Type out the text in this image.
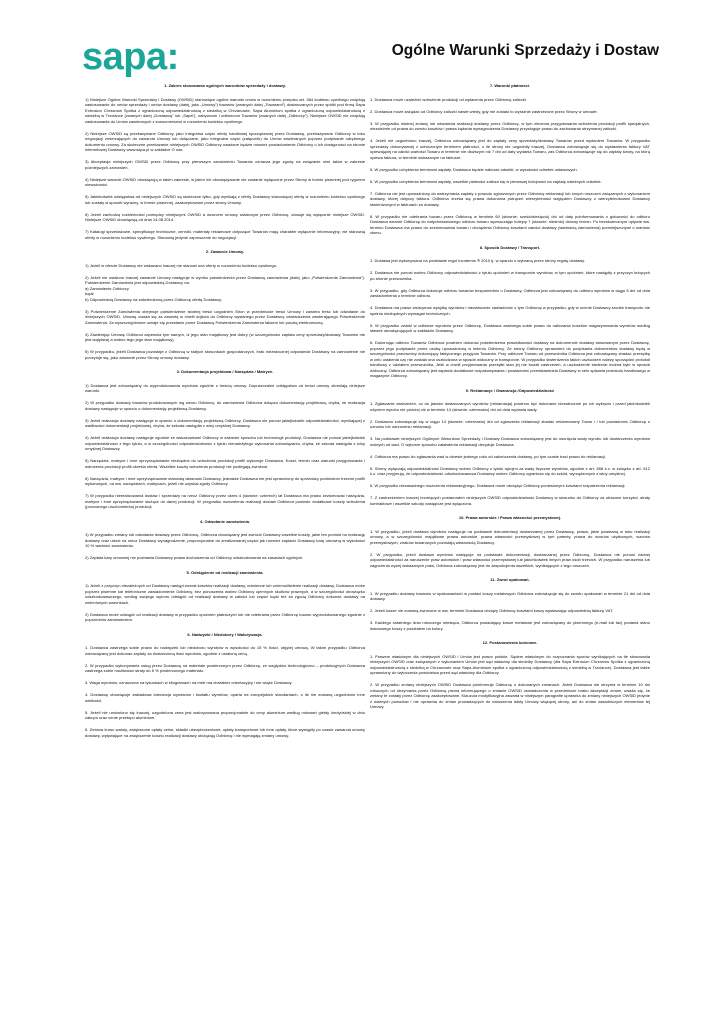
sapa:	Ogólne Warunki Sprzedaży i Dostaw
1. Zakres stosowania ogólnych warunków sprzedaży i dostawy.
1) Niniejsze Ogólne Warunki Sprzedaży i Dostawy (OWSiD) stanowiące ogólne warunki umów w rozumieniu przepisu art. 384 kodeksu cywilnego znajdują zastosowanie do umów sprzedaży i umów dostawy (dalej, jako „Umowy”) towarów (zwanych dalej „Towarami”) dostarczanych przez spółki pod firmą Sapa Extrusion Chrzanów Spółka z ograniczoną odpowiedzialnością z siedzibą w Chrzanowie, Sapa Aluminium spółka z ograniczoną odpowiedzialnością z siedzibą w Trzciance (zwanych dalej „Dostawcą” lub „Sapa”), nabywcom i odbiorcom Towarów (zwanych dalej „Odbiorcy”). Niniejsze OWSiD nie znajdują zastosowania do Umów zawieranych z konsumentami w rozumieniu kodeksu cywilnego.
2) Niniejsze OWSiD są przekazywane Odbiorcy, jako integralna część oferty handlowej sporządzanej przez Dostawcę, przekazywane Odbiorcy w toku negocjacji zmierzających do zawarcia Umowy lub dołączane, jako integralna część (załącznik) do Umów zawieranych poprzez podpisanie odrębnego dokumentu umowy. Za skuteczne przekazanie niniejszych OWSiD Odbiorcy uważane będzie również powiadomienie Odbiorcy o ich dostępności na stronie internetowej Dostawcy www.sapa.pl w zakładce O nas.
3) Akceptacja niniejszych OWSiD przez Odbiorcę przy pierwszym zamówieniu Towarów oznacza jego zgodę na związanie nimi także w zakresie późniejszych zamówień.
4) Niniejsze warunki OWSiD obowiązują w takim zakresie, w jakim ich obowiązywanie nie zostanie wyłączone przez Strony w formie pisemnej pod rygorem nieważności.
5) Jakiekolwiek odstępstwa od niniejszych OWSiD są skuteczne tylko, gdy wynikają z oferty Dostawcy stanowiącej ofertę w rozumieniu kodeksu cywilnego lub zostały w sposób wyraźny, w formie pisemnej, zaakceptowane przez strony Umowy.
6) Jeżeli zachodzą rozbieżności pomiędzy niniejszymi OWSiD a wzorcem umowy ustalonym przez Odbiorcę, stosuje się wyłącznie niniejsze OWSiD. Niniejsze OWSiD obowiązują od dnia 14.08.2014.
7) Katalogi sprzedażowe, specyfikacje techniczne, cenniki, materiały reklamowe dotyczące Towarów mają charakter wyłącznie informacyjny, nie stanowią oferty w rozumieniu kodeksu cywilnego. Stanowią jedynie zaproszenie do negocjacji.
2. Zawarcie Umowy.
1) Jeżeli w ofercie Dostawcy nie wskazano inaczej nie stanowi ona oferty w rozumieniu kodeksu cywilnego.
2) Jeżeli nie ustalono inaczej zawarcie Umowy następuje w wyniku potwierdzenia przez Dostawcę zamówienia (dalej, jako „Potwierdzenie Zamówienia”). Potwierdzenie Zamówienia jest odpowiedzią Dostawcy na:
a) Zamówienie Odbiorcy
bądź
b) Odpowiedzią Dostawcy na zatwierdzoną przez Odbiorcę ofertę Dostawcy;
3) Potwierdzenie Zamówienia obejmuje potwierdzenie istotnej treści uzgodnień Stron w przedmiocie treści Umowy i zawiera treść lub odwołanie do niniejszych OWSiD. Umowę uważa się za zawartą w chwili dojścia do Odbiorcy wysłanego przez Dostawcę oświadczenia zawierającego Potwierdzenie Zamówienia. Za wyszczególnione uznaje się przesłanie przez Dostawcę Potwierdzenia Zamówienia faksem lub pocztą elektroniczną.
4) Zawierając Umowę Odbiorca zapewnia tym samym, iż jego stan majątkowy jest dobry (w szczególności zapłata ceny sprzedaży/dostawy Towarów nie jest wątpliwa) a wobec tego jego stan majątkowy).
5) W przypadku, jeżeli Dostawca pozostaje z Odbiorcą w stałych stosunkach gospodarczych, brak niezwłocznej odpowiedzi Dostawcy na zamówienie nie poczytuje się, jako zawarcie przez Strony umowy dostawy.
3. Dokumentacja projektowa / Narzędzia / Matryce.
1) Dostawca jest zobowiązany do wyprodukowania wyrobów zgodnie z treścią umowy. Dopuszczalne odstępstwa od treści umowy określają niniejsze warunki.
2) W przypadku dostawy towarów produkowanych wg wzoru Odbiorcy, do zamówienia Odbiorca dołącza dokumentację projektową, chyba, że realizacja dostawy następuje w oparciu o dokumentację projektową Dostawcy.
3) Jeżeli realizacja dostawy następuje w oparciu o dokumentację projektową Odbiorcy, Dostawca nie ponosi jakiejkolwiek odpowiedzialności, wynikającej z wadliwości dokumentacji projektowej, chyba, że szkoda nastąpiła z winy umyślnej Dostawcy.
4) Jeżeli realizacja dostawy następuje zgodnie ze wskazówkami Odbiorcy w zakresie sposobu lub technologii produkcji, Dostawca nie ponosi jakiejkolwiek odpowiedzialności z tego tytułu, a w szczególności odpowiedzialności z tytułu nienależytego wykonania zobowiązania, chyba, że szkoda nastąpiła z winy umyślnej Dostawcy.
5) Narzędzia, matryce i inne oprzyrządowanie niezbędne do wdrożenia produkcji profili wykonuje Dostawca. Koszt, termin oraz warunki przygotowania i wdrożenia produkcji profili określa oferta. Wszelkie koszty wdrożenia produkcji nie podlegają zwrotowi.
6) Narzędzia, matryce i inne oprzyrządowanie stanowią własność Dostawcy, jednakże Dostawca nie jest uprawniony do sprzedaży podmiotom trzecim profili wykonanych, na ww. narzędziach, matrycach, jeżeli nie uzyskał zgody Odbiorcy.
7) W przypadku nierealizowania dostaw / sprzedaży na rzecz Odbiorcy przez okres 4 (słownie: czterech) lat Dostawca ma prawo zezłomować narzędzia, matryce i inne oprzyrządowanie służące do danej produkcji. W przypadku wznowienia realizacji dostaw Odbiorca poniesie dodatkowe koszty wdrożenia (ponownego uruchomienia) produkcji.
4. Odwołanie zamówienia.
1) W przypadku zmiany lub odwołania dostawy przez Odbiorcę, Odbiorca obowiązany jest zwrócić Dostawcy wszelkie koszty, jakie ten poniósł na realizację dostawy oraz uiścić na rzecz Dostawcy wynagrodzenie, proporcjonalne do zrealizowanej części jak również zapłacić Dostawcy karę umowną w wysokości 10 % wartości zamówienia.
2) Zapłata kary umownej nie pozbawia Dostawcy prawa dochodzenia od Odbiorcy odszkodowania na zasadach ogólnych.
5. Odstąpienie od realizacji zamówienia.
1) Jeżeli z przyczyn niezależnych od Dostawcy nastąpi wzrost kosztów realizacji dostawy, odmienne lub uniemożliwienie realizacji dostawy, Dostawca może poprzez pisemne lub telefoniczne zawiadomienie Odbiorcy, bez ponoszenia wobec Odbiorcy ujemnych skutków prawnych, a w szczególności obowiązku odszkodowawczego, według swojego wyboru odstąpić od realizacji dostawy w całości lub części bądź też za zgodą Odbiorcy dokonać dostawy na zmienionych warunkach.
2) Dostawca może odstąpić od realizacji dostawy w przypadku opóźnień płatniczych lub nie odebrania przez Odbiorcę towaru wyprodukowanego zgodnie z poprzednim zamówieniem.
6. Nadwyżki / Niedobory / Walorywacja.
1. Dostawca zastrzega sobie prawo do nadwyżek lub niedoboru wyrobów w wysokości do 15 % ilości, objętej umową. W takim przypadku Odbiorca zobowiązany jest dokonać zapłaty za dostarczoną ilość wyrobów, zgodnie z ustaloną ceną.
2. W przypadku wykonywania usług przez Dostawcę na materiale powierzonym przez Odbiorcę, ze względów technologiczno – produkcyjnych Dostawca zastrzega sobie możliwości straty do 5 % powierzonego materiału.
3. Waga wyrobów, oznaczona na tysunkach w kilogramach na metr ma charakter orientacyjny i nie wiąże Dostawcy.
4. Dostawcę obowiązuje zakładowa tolerancja wymiarów i kształtu wyrobów, oparta na europejskich standardach, o ile nie zostaną uzgodnione inne wielkości.
5. Jeżeli nie umówiono się inaczej, uzgodniona cena jest waloryzowana proporcjonalnie do ceny aluminium według notowań giełdy londyńskiej w dniu zakupu oraz cenie przetopu aluminium.
6. Zmiana kursu waluty, zwiększone opłaty celne, składki ubezpieczeniowe, opłaty transportowe lub inne opłaty, które wystąpiły po czasie zawarcia umowy dostawy, wpływające na zwiększenie kosztu realizacji dostawy obciążają Odbiorcę i nie wymagają zmiany umowy.
7. Warunki płatności.
1. Dostawca może uzależnić wdrożenie produkcji od wpłacenia przez Odbiorcę zaliczki.
2. Dostawca może zażądać od Odbiorcy zaliczki nawet wtedy, gdy nie zostało to wyraźnie zastrzeżone przez Strony w umowie.
3. W przypadku istotnej zmiany lub odwołania realizacji dostawy przez Odbiorcę, w tym zlecenia przygotowania wdrożenia produkcji profili specjalnych, niezależnie od prawa do zwrotu kosztów i prawa żądania wynagrodzenia Dostawcy przysługuje prawo do zachowania otrzymanej zaliczki.
4. Jeżeli nie uzgodniono inaczej, Odbiorca zobowiązany jest do zapłaty ceny sprzedaży/dostawy Towarów przed wydaniem Towarów. W przypadku sprzedaży dokonywanej z odroczonym terminem płatności, o ile strony nie uzgodniły inaczej, Dostawca zobowiązuje się do wystawienia faktury VAT opiewającej na całość wartości Towaru w terminie nie dłuższym niż 7 dni od daty wydania Towaru, zaś Odbiorca zobowiązuje się do zapłaty kwoty, na którą opiewa faktura, w terminie wskazanym na fakturze.
5. W przypadku uchybienia terminowi zapłaty, Dostawca będzie naliczać odsetki, w wysokości odsetek ustawowych.
6. W przypadku uchybienia terminowi zapłaty, wszelkie płatności zalicza się w pierwszej kolejności na zapłatę należnych odsetek.
7. Odbiorca nie jest upoważniony do wstrzymania zapłaty z powodu zgłoszonych przez Odbiorcę reklamacji lub innych roszczeń związanych z wykonaniem dostawy, której dotyczy faktura. Odbiorca zrzeka się prawa dokonania potrąceń wierzytelności względem Dostawcy z wierzytelnościami Dostawcy stwierdzonymi w fakturach za dostawy.
8. W przypadku nie odebrania towaru przez Odbiorcę w terminie 60 (słownie: sześćdziesięciu) dni od daty poinformowania o gotowości do odbioru Dostawca wezwie Odbiorcę do natychmiastowego odbioru towaru wyznaczając kolejny 7 (słownie: siedmio) dniowy termin. Po bezskutecznym upływie ww. terminu Dostawca ma prawo do zezłomowania towaru i obciążenia Odbiorcy kosztami całości dostawy (wartością zamówienia) pomniejszonymi o wartość złomu.
8. Sposób Dostawy / Transport.
1. Dostawa jest wykonywana na podstawie reguł Incoterms ® 2010 tj. w oparciu o wybraną przez strony regułę dostawy.
2. Dostawca nie ponosi wobec Odbiorcy odpowiedzialności z tytułu opóźnień w transporcie wyrobów, w tym opóźnień, które nastąpiły z przyczyn leżących po stronie przewoźnika.
3. W przypadku, gdy Odbiorca dokonuje odbioru towarów bezpośrednio u Dostawcy, Odbiorca jest zobowiązany do odbioru wyrobów w ciągu 5 dni od dnia zawiadomienia o terminie odbioru.
4. Dostawca ma prawo wstrzymać wysyłkę wyrobów i niezwłocznie zawiadomić o tym Odbiorcę w przypadku, gdy w ocenie Dostawcy środek transportu nie spełnia niezbędnych wymagań technicznych.
5. W przypadku zwłoki w odbiorze wyrobów przez Odbiorcę, Dostawca zastrzega sobie prawo do naliczania kosztów magazynowania wyrobów według stawek obowiązujących w zakładzie Dostawcy.
6. Dokonując odbioru Towarów Odbiorca powinien dokonać potwierdzenia prawidłowości dostawy na dokumencie dostawy stosowanym przez Dostawcę, poprzez jego podpisanie przez osobę upoważnioną w imieniu Odbiorcy. Ze strony Odbiorcy uprawnieni do podpisania dokumentów dostawy będą w szczególności pracownicy dokonujący faktycznego przyjęcia Towarów. Przy odbiorze Towaru od przewoźnika Odbiorca jest zobowiązany zbadać przesyłkę w celu ustalenia czy nie została ona uszkodzona w sposób widoczny w transporcie. W przypadku stwierdzenia takich uszkodzeń należy sporządzić protokół handlowy z udziałem przewoźnika. Jeśli w chwili przyjmowania przesyłki stan jej nie budził zastrzeżeń, a uszkodzenie stwierdzi można było w sposób widoczny, Odbiorca zobowiązany jest zapłacić dodatkowe rozpakowywania i powiadomić przedstawiciela Dostawcy w celu spisania protokołu handlowego w magazynie Odbiorcy.
9. Reklamacje / Gwarancja /Odpowiedzialność
1. Zgłaszanie zastrzeżeń, co do jakości dostarczanych wyrobów (reklamacja) powinno być dokonane niezwłocznie po ich wykryciu i przed jakimkolwiek użyciem wyrobu nie później niż w terminie 14 (słownie: czternastu) dni od dnia wydania wady.
2. Dostawca zobowiązuje się w ciągu 14 (słownie: czternastu) dni od zgłoszenia reklamacji zbadać reklamowany Towar i / lub powiadomić Odbiorcę o uznaniu lub odrzuceniu reklamacji.
3. Na podstawie niniejszych Ogólnych Warunków Sprzedaży i Dostawy Dostawca zobowiązany jest do usunięcia wady wyrobu lub dostarczenia wyrobów wolnych od wad. O wyborze sposobu załatwienia reklamacji decyduje Dostawca.
4. Odbiorca ma prawo do zgłaszania wad w okresie jednego roku od zakończenia dostawy, po tym czasie traci prawo do reklamacji.
5. Strony wyłączają odpowiedzialność Dostawcy wobec Odbiorcy z tytułu rękojmi za wady fizyczne wyrobów, zgodnie z art. 558 k.c. w związku z art. 612 k.c. oraz przyjmują, że odpowiedzialność odszkodowawcza Dostawcy wobec Odbiorcy ogranicza się do szkód, wyrządzonych z winy umyślnej.
6. W przypadku niezasadnego roszczenia reklamacyjnego, Dostawca może obciążyć Odbiorcę poniesionymi kosztami rozpatrzenia reklamacji.
7. Z zastrzeżeniem inaczej brzmiących postanowień niniejszych OWSiD odpowiedzialność Dostawcy w stosunku do Odbiorcy za utracone korzyści, straty kontraktowe i wszelkie szkody następcze jest wyłączona.
10. Prawa autorskie / Prawa własności przemysłowej.
1. W przypadku, jeżeli dostawa wyrobów następuje na podstawie dokumentacji dostarczanej przez Dostawcę, prawa, jakie powstaną w toku realizacji umowy, a w szczególności majątkowe prawa autorskie, prawa własności przemysłowej w tym patenty, prawa do wzorów użytkowych, wzorów przemysłowych, znaków towarowych pozostają własnością Dostawcy.
2. W przypadku, jeżeli dostawa wyrobów następuje na podstawie dokumentacji, dostarczanej przez Odbiorcę, Dostawca nie ponosi żadnej odpowiedzialności za naruszenie praw autorskich i praw własności przemysłowej lub jakichkolwiek innych praw osób trzecich. W przypadku naruszenia lub zagrożenia wyżej wskazanych praw, Odbiorca zobowiązany jest do zaspokojenia wszelkich, wynikających z tego roszczeń.
11. Zwrot opakowań.
1. W przypadku dostawy towarów w opakowaniach w postaci koszy metalowych Odbiorca zobowiązuje się do zwrotu opakowań w terminie 21 dni od dnia dostawy.
2. Jeżeli kosze nie zostaną zwrócone w ww. terminie Dostawca obciąży Odbiorcę kosztami koszy wystawiając odpowiednią fakturę VAT.
3. Każdego ostatniego dnia roboczego miesiąca, Odbiorca posiadający kosze metalowe jest zobowiązany do pisemnego (e-mail lub fax) podania stanu ilościowego koszy z podziałem na kolory.
12. Postanowienia końcowe.
1. Prawem właściwym dla niniejszych OWSiD i Umów jest prawo polskie. Sądem właściwym do rozpoznania sporów wynikających na tle stosowania niniejszych OWSiD oraz związanych z wykonaniem Umów jest sąd właściwy dla siedziby Dostawcy (dla Sapa Extrusion Chrzanów Spółka z ograniczoną odpowiedzialnością z siedzibą w Chrzanowie oraz Sapa Aluminium spółka z ograniczoną odpowiedzialnością z siedzibą w Trzciance). Dostawca jest także uprawniony do wytoczenia powództwa przed sąd właściwy dla Odbiorcy.
2. W przypadku zmiany niniejszych OWSiD Dostawca poinformuje Odbiorcę o dokonanych zmianach. Jeżeli Dostawca nie otrzyma w terminie 10 dni roboczych od otrzymania przez Odbiorcę pisma informującego o zmianie OWSiD oświadczenia w przedmiocie braku akceptacji zmian, uważa się, że zmiany te zostały przez Odbiorcę zaakceptowane. Klauzula modyfikacyjna zawarta w niniejszym paragrafie uprawnia do zmiany niniejszych OWSiD jedynie z ważnych powodów i nie uprawnia do zmian prowadzących do naruszenia istoty Umowy wiążącej strony, ani do zmian zasadniczych elementów tej Umowy.
